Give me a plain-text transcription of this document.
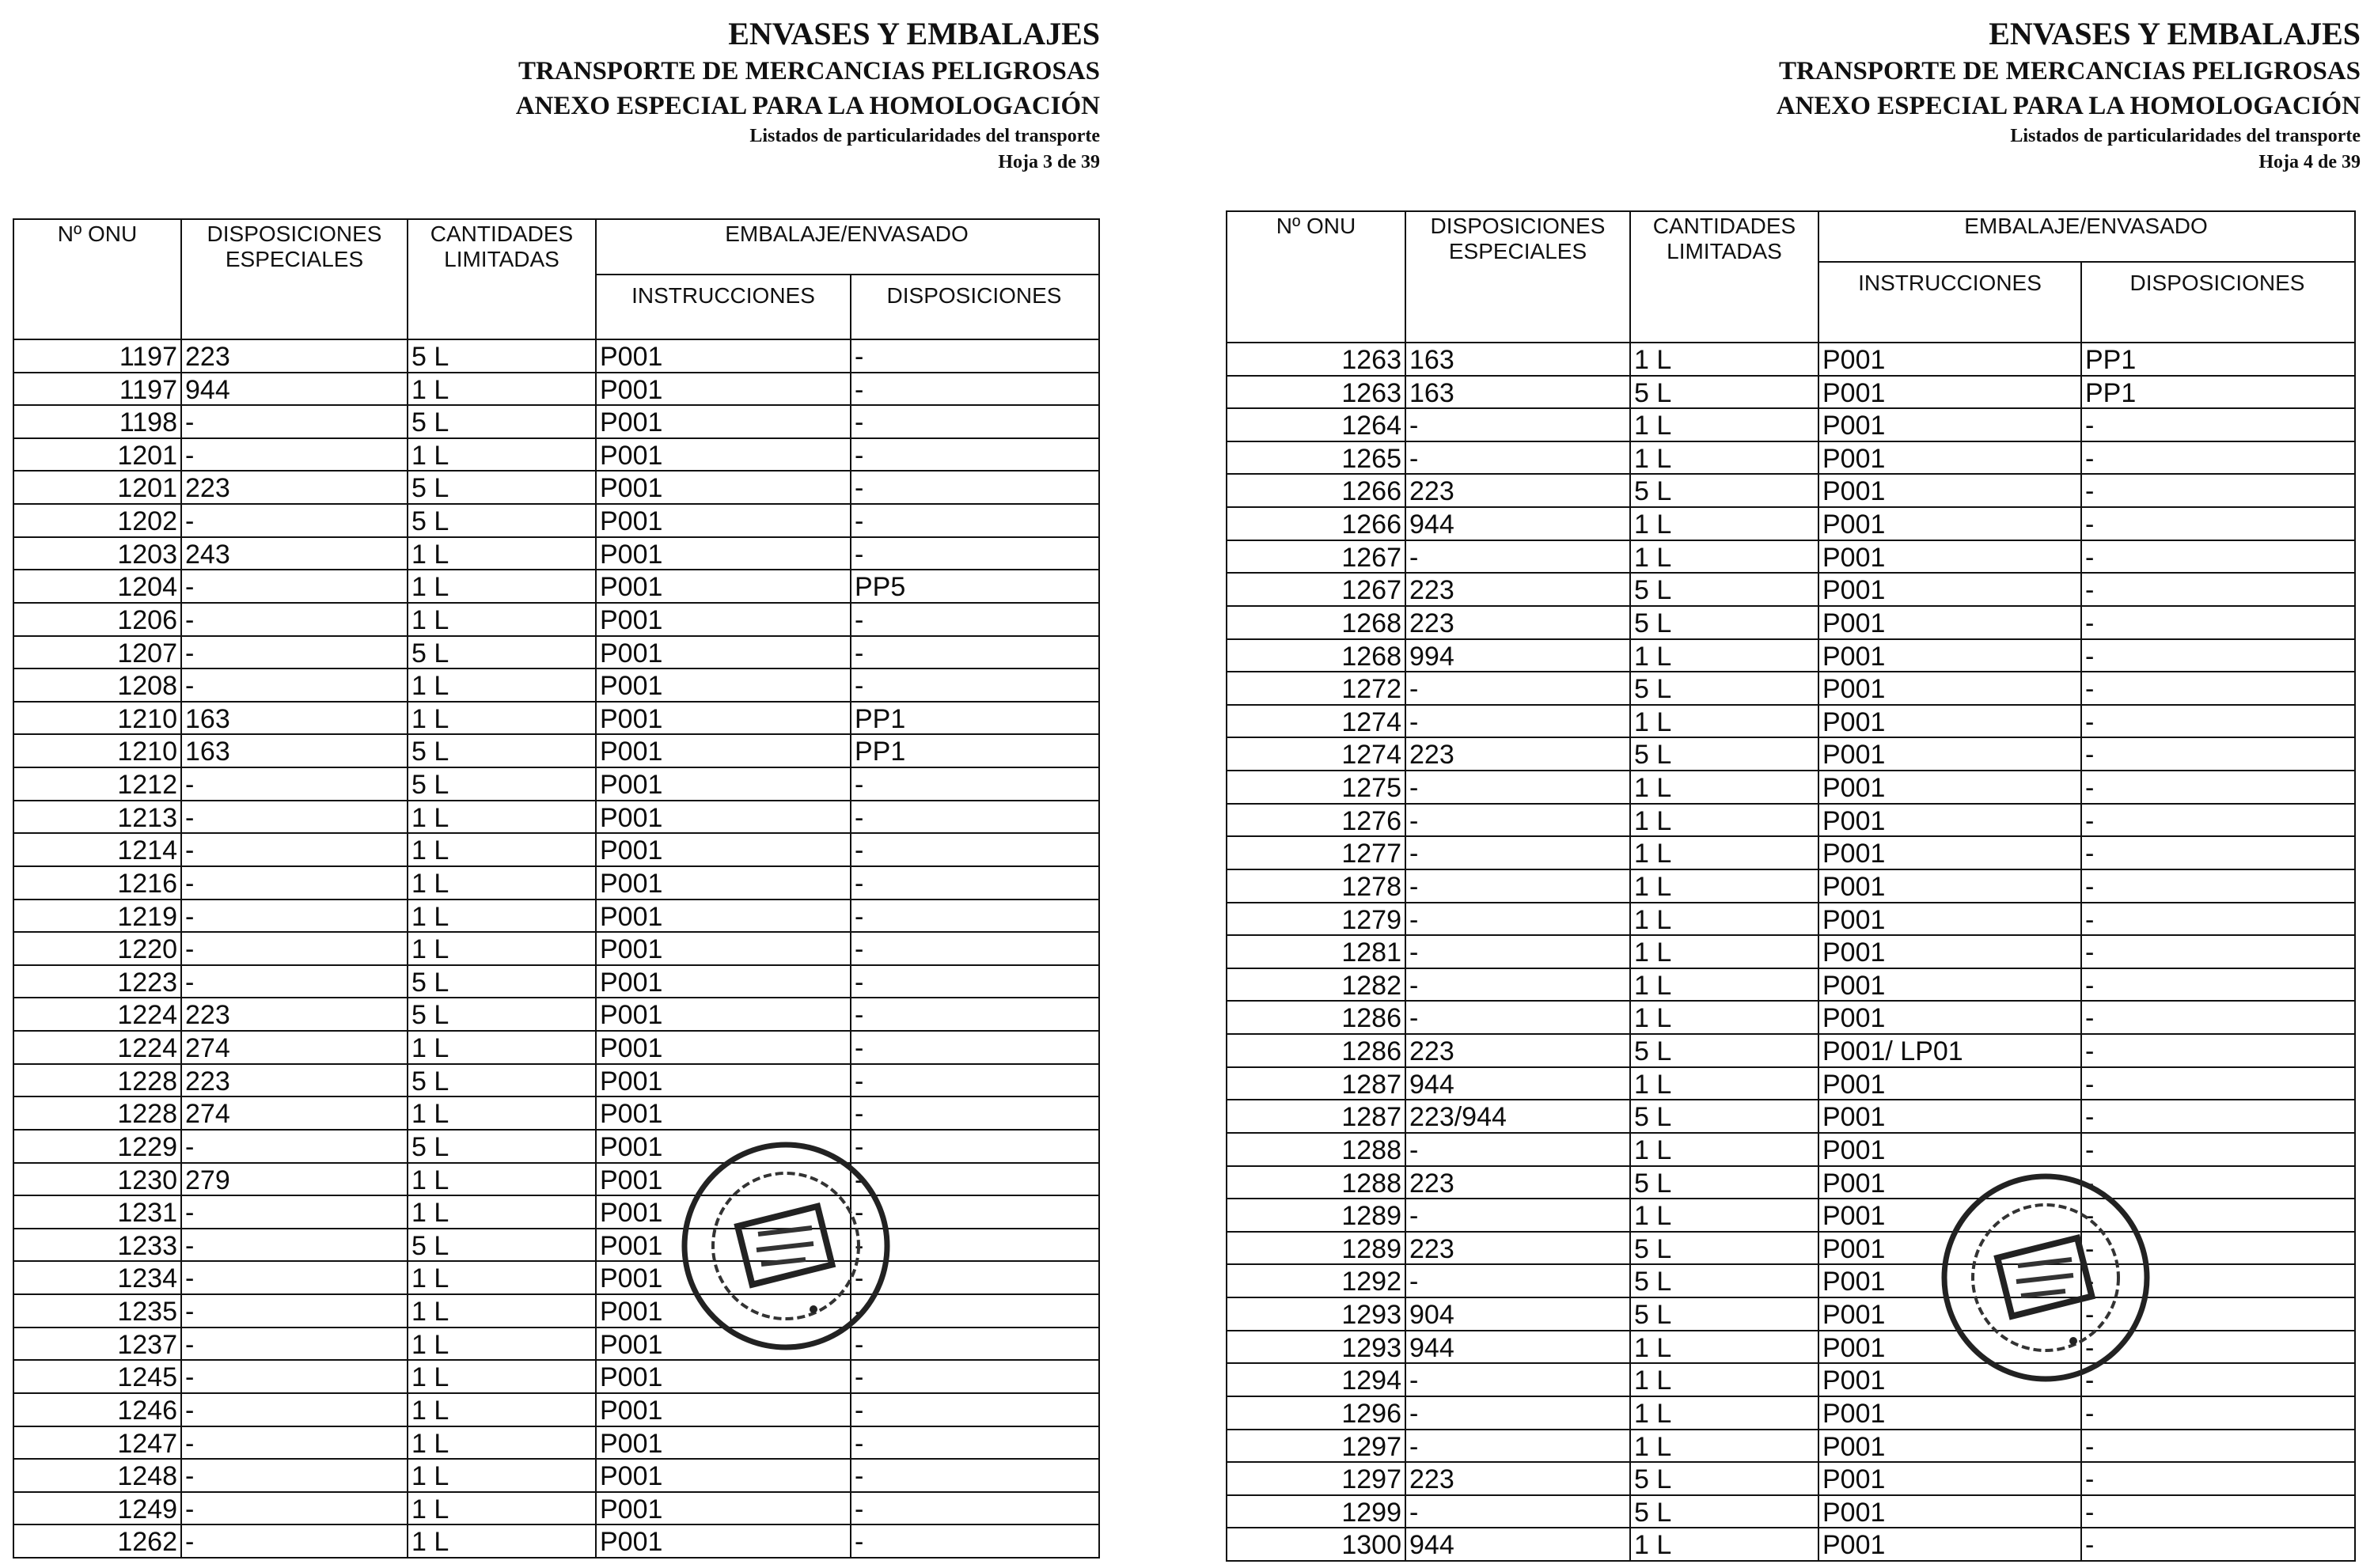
ENVASES Y EMBALAJES
TRANSPORTE DE MERCANCIAS PELIGROSAS
ANEXO ESPECIAL PARA LA HOMOLOGACIÓN
Listados de particularidades del transporte
Hoja 3 de 39
Nº ONU	DISPOSICIONES ESPECIALES
CANTIDADES LIMITADAS
EMBALAJE/ENVASADO
INSTRUCCIONES	DISPOSICIONES
1197 223	5 L	P001	-
1197 944	1 L	P001	-
1198 -	5 L	P001	-
1201 -	1 L	P001	-
1201 223	5 L	P001	-
1202 -	5 L	P001	-
1203 243	1 L	P001	-
1204 -	1 L	P001	PP5
1206 -	1 L	P001	-
1207 -	5 L	P001	-
1208 -	1 L	P001	-
1210 163	1 L	P001	PP1
1210 163	5 L	P001	PP1
1212 -	5 L	P001	-
1213 -	1 L	P001	-
1214 -	1 L	P001	-
1216 -	1 L	P001	-
1219 -	1 L	P001	-
1220 -	1 L	P001	-
1223 -	5 L	P001	-
1224 223	5 L	P001	-
1224 274	1 L	P001	-
1228 223	5 L	P001	-
1228 274	1 L	P001	-
1229 -	5 L	P001	-
1230 279	1 L	P001	-
1231 -	1 L	P001	-
1233 -	5 L	P001	-
1234 -	1 L	P001	-
1235 -	1 L	P001	-
1237 -	1 L	P001	-
1245 -	1 L	P001	-
1246 -	1 L	P001	-
1247 -	1 L	P001	-
1248 -	1 L	P001	-
1249 -	1 L	P001	-
1262 -	1 L	P001	-
ENVASES Y EMBALAJES
TRANSPORTE DE MERCANCIAS PELIGROSAS
ANEXO ESPECIAL PARA LA HOMOLOGACIÓN
Listados de particularidades del transporte
Hoja 4 de 39
Nº ONU	DISPOSICIONES ESPECIALES
CANTIDADES LIMITADAS
EMBALAJE/ENVASADO
INSTRUCCIONES	DISPOSICIONES
1263 163	1 L	P001	PP1
1263 163	5 L	P001	PP1
1264 -	1 L	P001	-
1265 -	1 L	P001	-
1266 223	5 L	P001	-
1266 944	1 L	P001	-
1267 -	1 L	P001	-
1267 223	5 L	P001	-
1268 223	5 L	P001	-
1268 994	1 L	P001	-
1272 -	5 L	P001	-
1274 -	1 L	P001	-
1274 223	5 L	P001	-
1275 -	1 L	P001	-
1276 -	1 L	P001	-
1277 -	1 L	P001	-
1278 -	1 L	P001	-
1279 -	1 L	P001	-
1281 -	1 L	P001	-
1282 -	1 L	P001	-
1286 -	1 L	P001	-
1286 223	5 L	P001/ LP01	-
1287 944	1 L	P001	-
1287 223/944	5 L	P001	-
1288 -	1 L	P001	-
1288 223	5 L	P001	-
1289 -	1 L	P001	-
1289 223	5 L	P001	-
1292 -	5 L	P001	-
1293 904	5 L	P001	-
1293 944	1 L	P001	-
1294 -	1 L	P001	-
1296 -	1 L	P001	-
1297 -	1 L	P001	-
1297 223	5 L	P001	-
1299 -	5 L	P001	-
1300 944	1 L	P001	-
